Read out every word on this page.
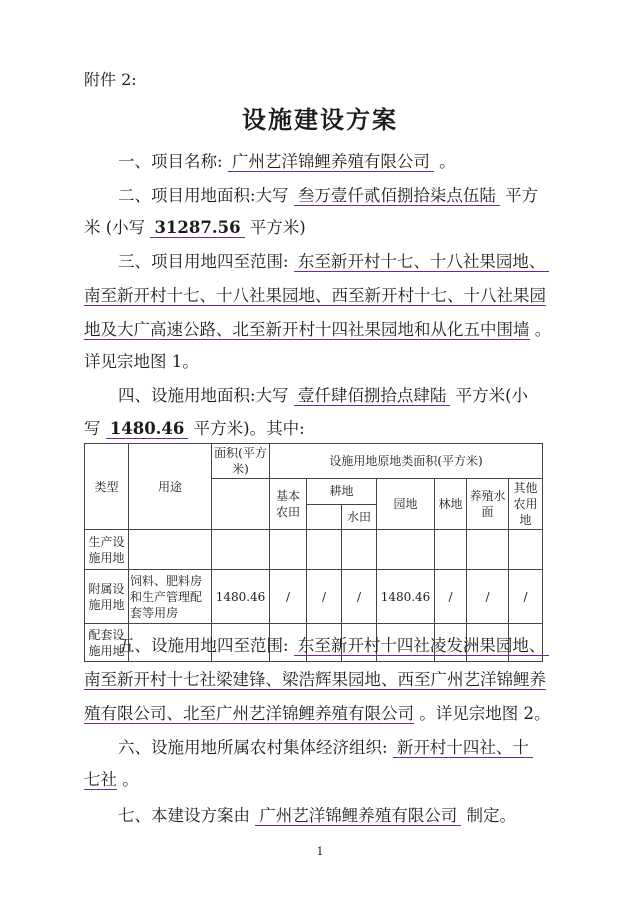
附件 2:
设施建设方案
一、项目名称: 广州艺洋锦鲤养殖有限公司 。
二、项目用地面积:大写 叁万壹仟贰佰捌拾柒点伍陆 平方
米 (小写 31287.56 平方米)
三、项目用地四至范围: 东至新开村十七、十八社果园地、
南至新开村十七、十八社果园地、西至新开村十七、十八社果园
地及大广高速公路、北至新开村十四社果园地和从化五中围墙 。
详见宗地图 1。
四、设施用地面积:大写 壹仟肆佰捌拾点肆陆 平方米(小
写 1480.46 平方米)。其中:
类型	用途	面积(平方米)	设施用地原地类面积(平方米)						
			基本农田	耕地		园地	林地	养殖水面	其他农用地
					水田				
生产设施用地									
附属设施用地	饲料、肥料房和生产管理配套等用房	1480.46	/	/	/	1480.46	/	/	/
配套设施用地									
五、设施用地四至范围: 东至新开村十四社凌发洲果园地、
南至新开村十七社梁建锋、梁浩辉果园地、西至广州艺洋锦鲤养
殖有限公司、北至广州艺洋锦鲤养殖有限公司 。详见宗地图 2。
六、设施用地所属农村集体经济组织: 新开村十四社、十
七社 。
七、本建设方案由 广州艺洋锦鲤养殖有限公司 制定。
1
